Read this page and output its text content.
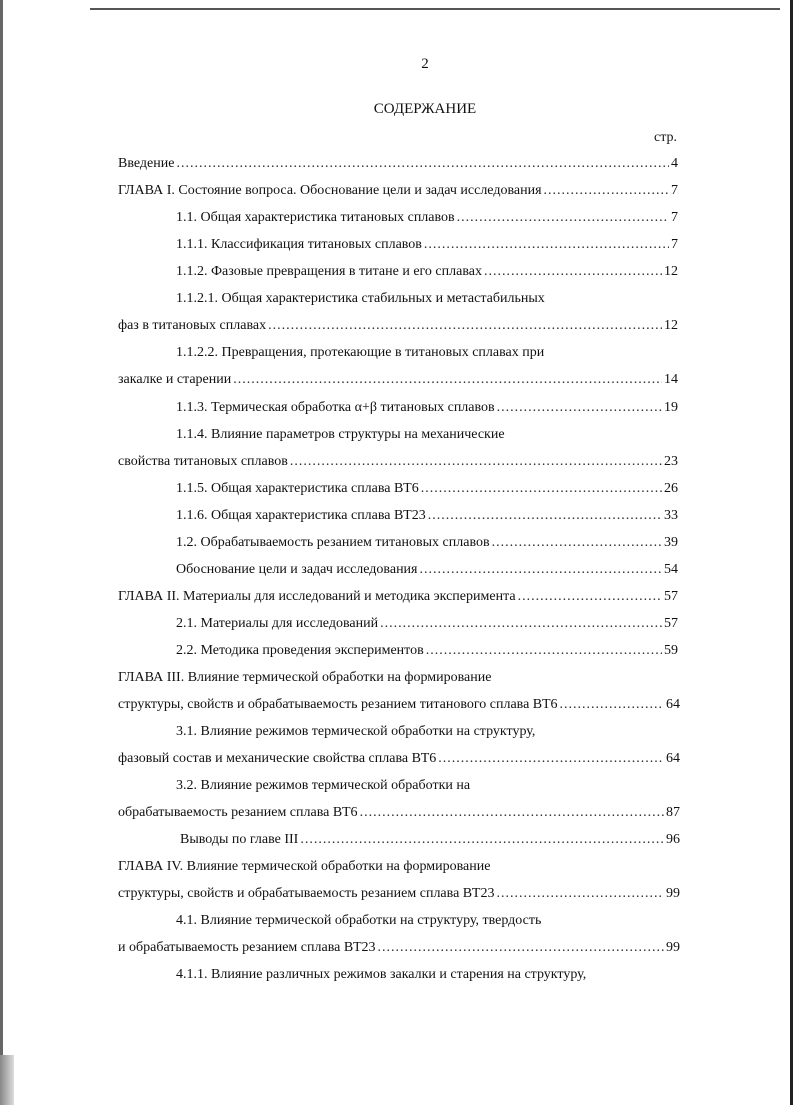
2
СОДЕРЖАНИЕ
стр.
Введение .....	4
ГЛАВА I. Состояние вопроса. Обоснование цели и задач исследования .....	7
1.1. Общая характеристика титановых сплавов .....	7
1.1.1. Классификация титановых сплавов .....	7
1.1.2. Фазовые превращения в титане и его сплавах .....	12
1.1.2.1. Общая характеристика стабильных и метастабильных
фаз в титановых сплавах .....	12
1.1.2.2. Превращения, протекающие в титановых сплавах при
закалке и старении .....	14
1.1.3. Термическая обработка α+β титановых сплавов .....	19
1.1.4. Влияние параметров структуры на механические
свойства титановых сплавов .....	23
1.1.5. Общая характеристика сплава ВТ6 .....	26
1.1.6. Общая характеристика сплава ВТ23 .....	33
1.2. Обрабатываемость резанием титановых сплавов .....	39
Обоснование цели и задач исследования .....	54
ГЛАВА II. Материалы для исследований и методика эксперимента .....	57
2.1. Материалы для исследований .....	57
2.2. Методика проведения экспериментов .....	59
ГЛАВА III. Влияние термической обработки на формирование
структуры, свойств и обрабатываемость резанием титанового сплава ВТ6 .....	64
3.1. Влияние режимов термической обработки на структуру,
фазовый состав и механические свойства сплава ВТ6 .....	64
3.2. Влияние режимов термической обработки на
обрабатываемость резанием сплава ВТ6 .....	87
Выводы по главе III .....	96
ГЛАВА IV. Влияние термической обработки на формирование
структуры, свойств и обрабатываемость резанием сплава ВТ23 .....	99
4.1. Влияние термической обработки на структуру, твердость
и обрабатываемость резанием сплава ВТ23 .....	99
4.1.1. Влияние различных режимов закалки и старения на структуру,
